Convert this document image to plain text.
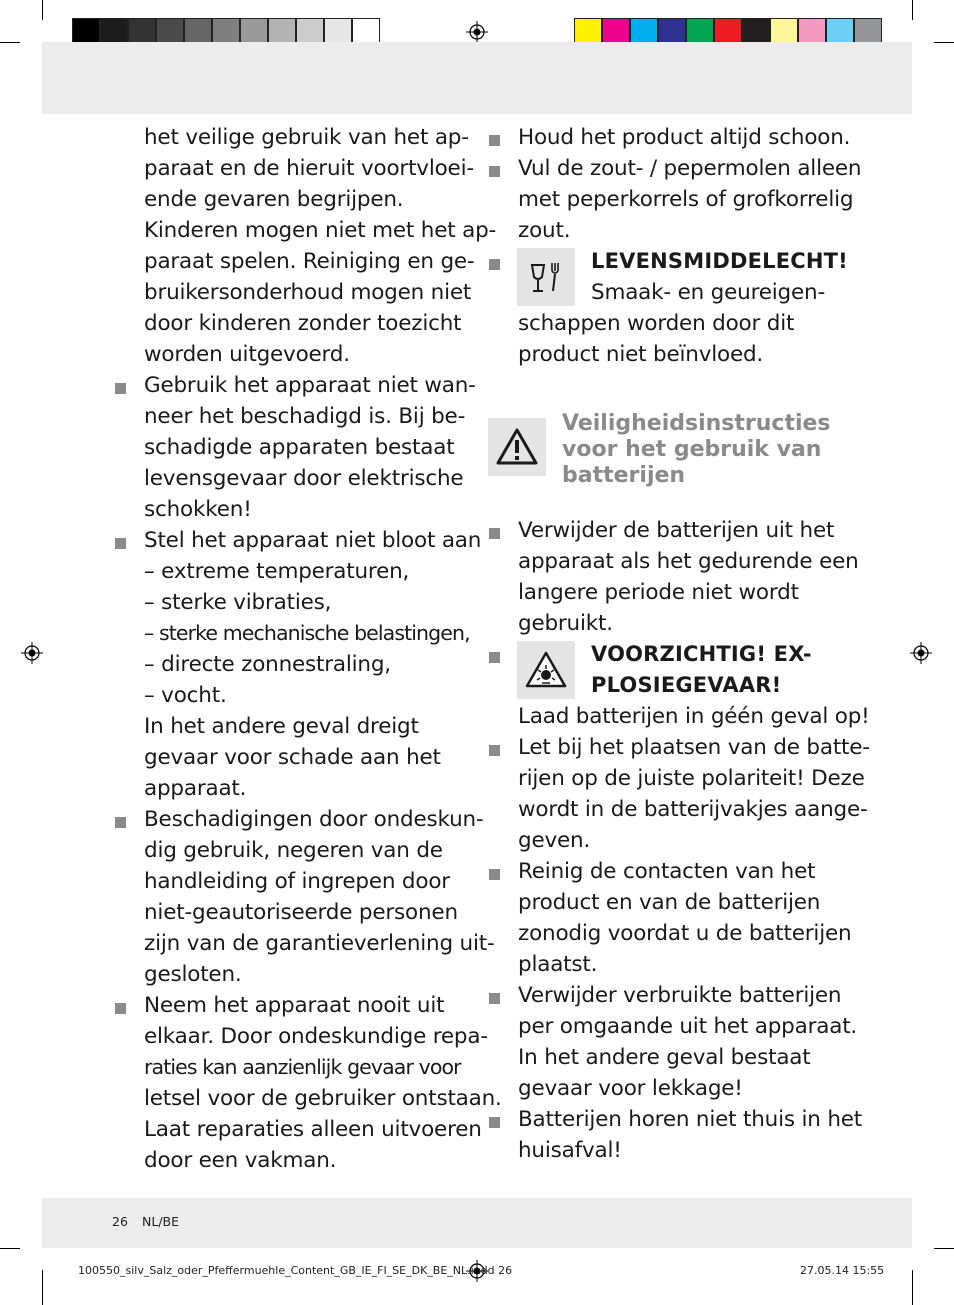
het veilige gebruik van het ap-
paraat en de hieruit voortvloei-
ende gevaren begrijpen.
Kinderen mogen niet met het ap-
paraat spelen. Reiniging en ge-
bruikersonderhoud mogen niet
door kinderen zonder toezicht
worden uitgevoerd.
Gebruik het apparaat niet wan-
neer het beschadigd is. Bij be-
schadigde apparaten bestaat
levensgevaar door elektrische
schokken!
Stel het apparaat niet bloot aan
– extreme temperaturen,
– sterke vibraties,
– sterke mechanische belastingen,
– directe zonnestraling,
– vocht.
In het andere geval dreigt
gevaar voor schade aan het
apparaat.
Beschadigingen door ondeskun-
dig gebruik, negeren van de
handleiding of ingrepen door
niet-geautoriseerde personen
zijn van de garantieverlening uit-
gesloten.
Neem het apparaat nooit uit
elkaar. Door ondeskundige repa-
raties kan aanzienlijk gevaar voor
letsel voor de gebruiker ontstaan.
Laat reparaties alleen uitvoeren
door een vakman.
Houd het product altijd schoon.
Vul de zout- / pepermolen alleen
met peperkorrels of grofkorrelig
zout.
LEVENSMIDDELECHT!
Smaak- en geureigen-
schappen worden door dit
product niet beïnvloed.
Veiligheidsinstructies
voor het gebruik van
batterijen
Verwijder de batterijen uit het
apparaat als het gedurende een
langere periode niet wordt
gebruikt.
VOORZICHTIG! EX-
PLOSIEGEVAAR!
Laad batterijen in géén geval op!
Let bij het plaatsen van de batte-
rijen op de juiste polariteit! Deze
wordt in de batterijvakjes aange-
geven.
Reinig de contacten van het
product en van de batterijen
zonodig voordat u de batterijen
plaatst.
Verwijder verbruikte batterijen
per omgaande uit het apparaat.
In het andere geval bestaat
gevaar voor lekkage!
Batterijen horen niet thuis in het
huisafval!
26 NL/BE
100550_silv_Salz_oder_Pfeffermuehle_Content_GB_IE_FI_SE_DK_BE_NL.indd 26	27.05.14 15:55
